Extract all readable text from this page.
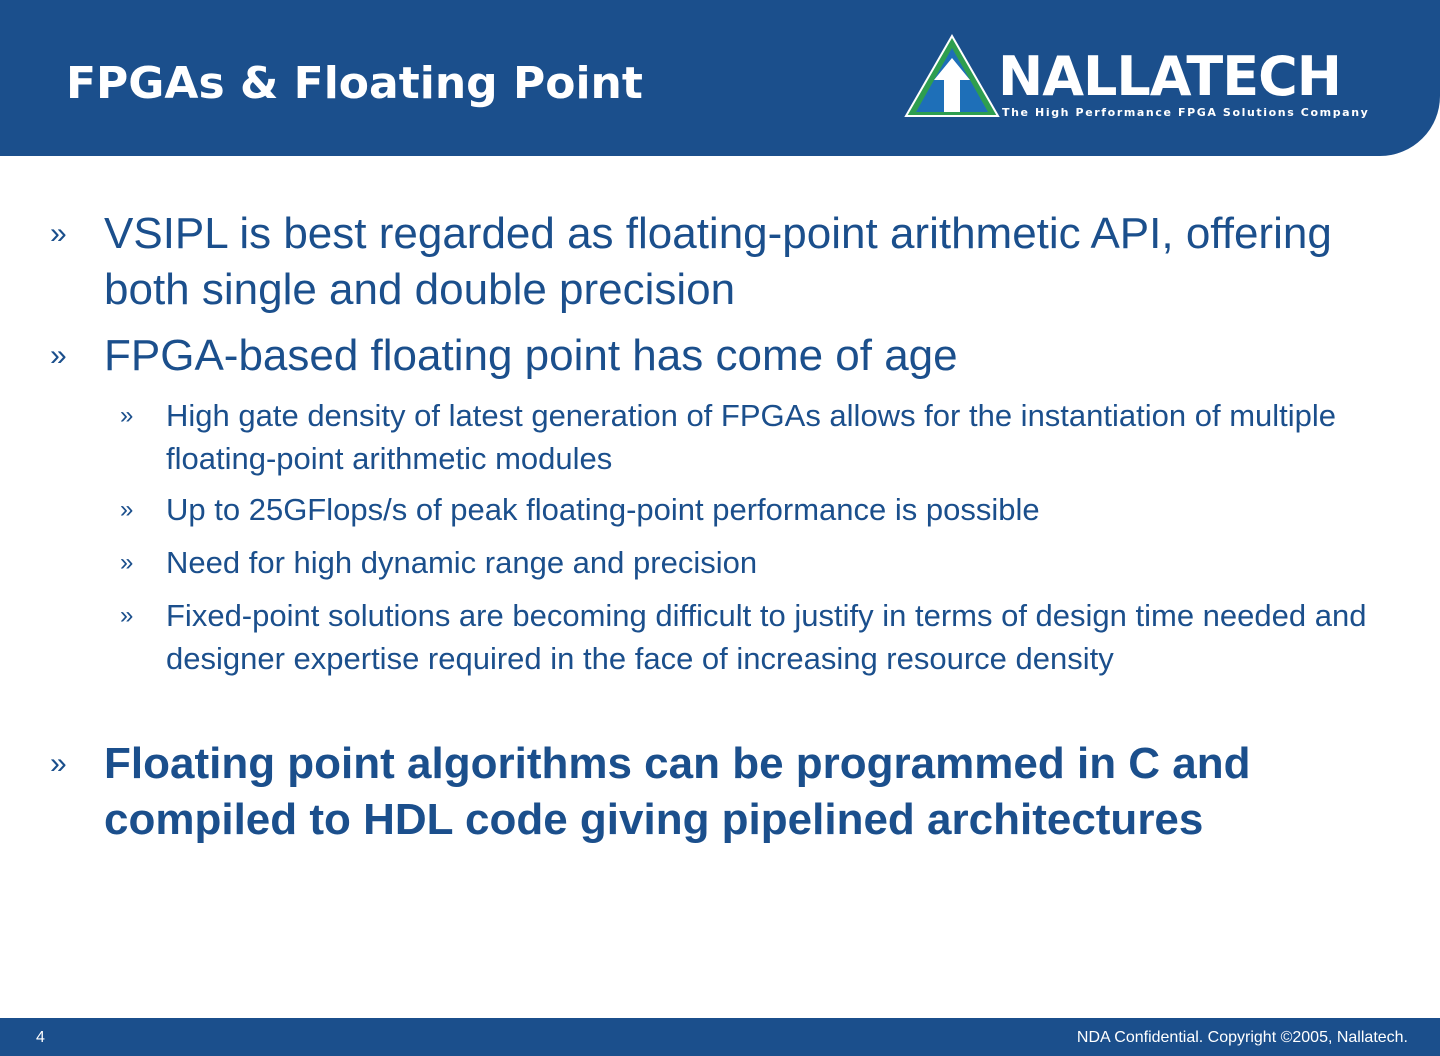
FPGAs & Floating Point	NALLATECH
The High Performance FPGA Solutions Company
» VSIPL is best regarded as floating-point arithmetic API, offering both single and double precision
» FPGA-based floating point has come of age
» High gate density of latest generation of FPGAs allows for the instantiation of multiple floating-point arithmetic modules
» Up to 25GFlops/s of peak floating-point performance is possible
» Need for high dynamic range and precision
» Fixed-point solutions are becoming difficult to justify in terms of design time needed and designer expertise required in the face of increasing resource density
» Floating point algorithms can be programmed in C and compiled to HDL code giving pipelined architectures
4	NDA Confidential. Copyright ©2005, Nallatech.
